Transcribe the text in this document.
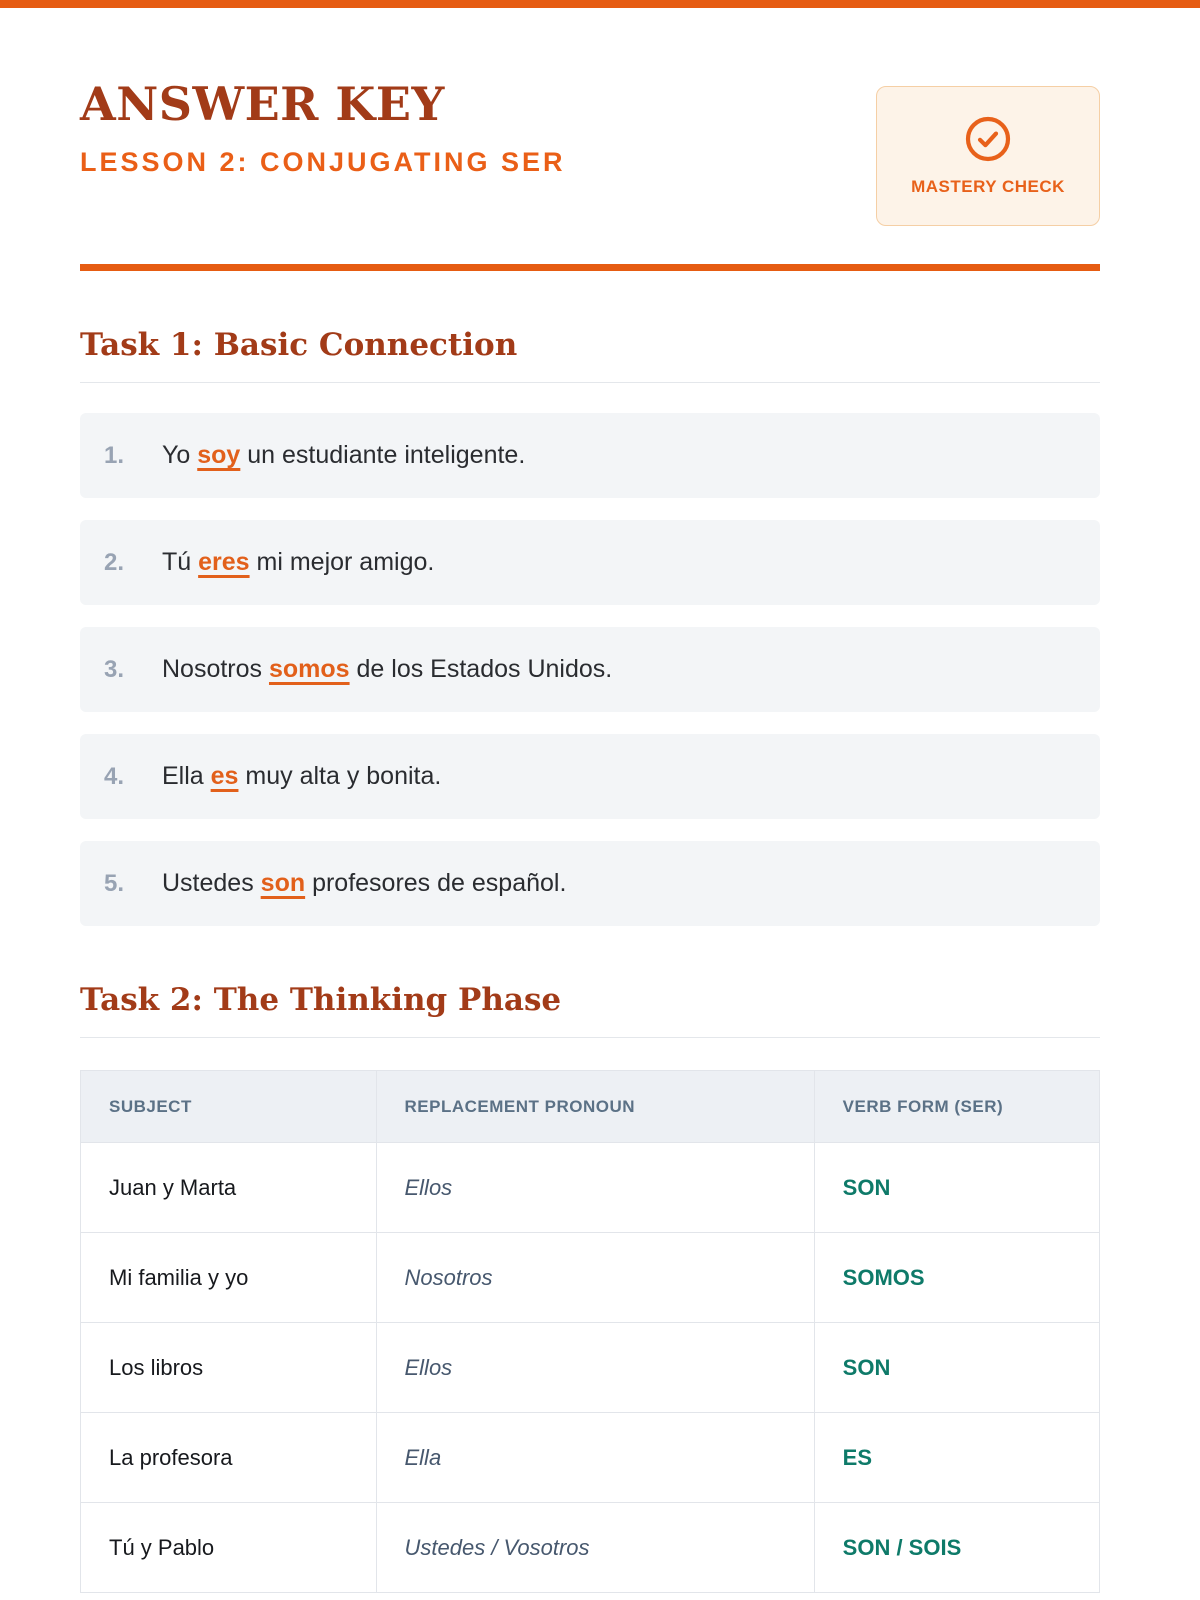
ANSWER KEY
LESSON 2: CONJUGATING SER
MASTERY CHECK
Task 1: Basic Connection
1.	Yo soy un estudiante inteligente.
2.	Tú eres mi mejor amigo.
3.	Nosotros somos de los Estados Unidos.
4.	Ella es muy alta y bonita.
5.	Ustedes son profesores de español.
Task 2: The Thinking Phase
SUBJECT	REPLACEMENT PRONOUN	VERB FORM (SER)
Juan y Marta	Ellos	SON
Mi familia y yo	Nosotros	SOMOS
Los libros	Ellos	SON
La profesora	Ella	ES
Tú y Pablo	Ustedes / Vosotros	SON / SOIS
